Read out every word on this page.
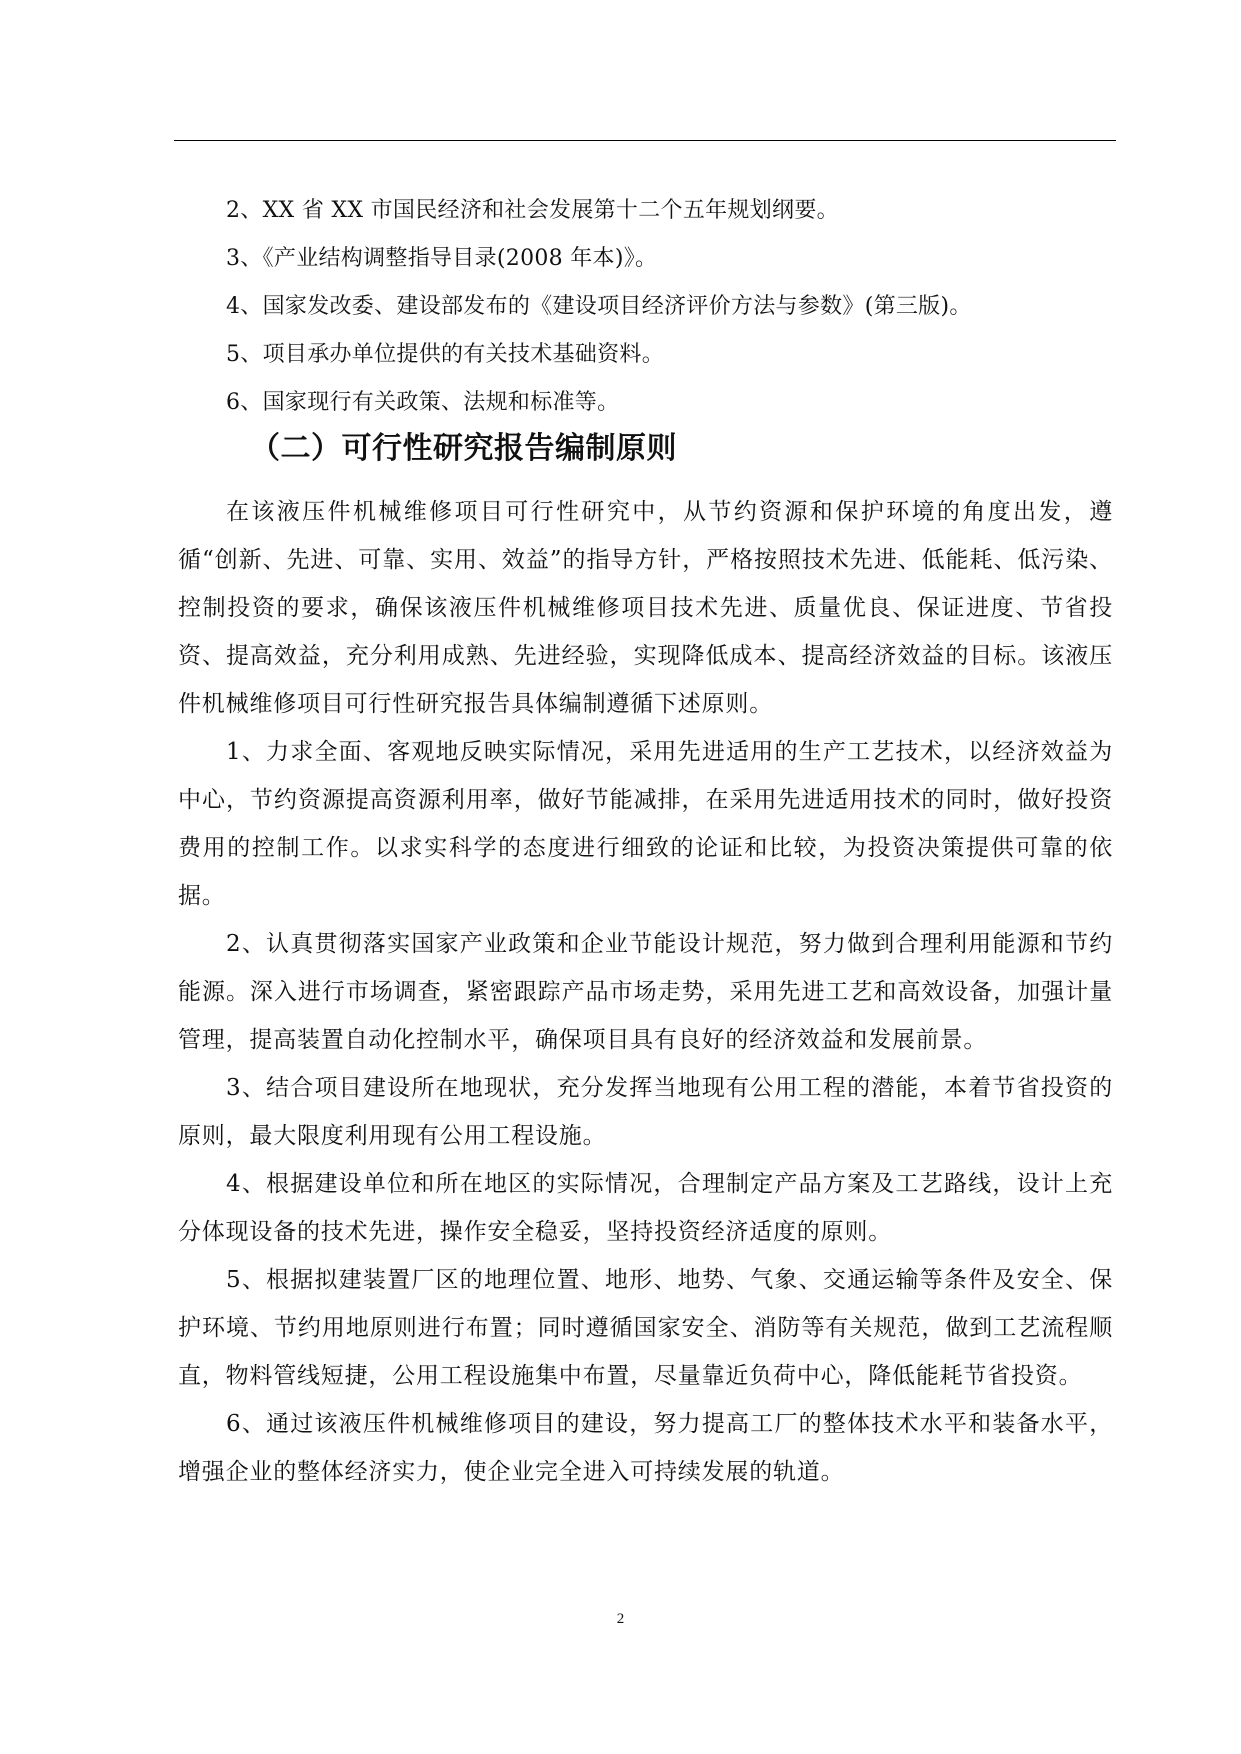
2、XX 省 XX 市国民经济和社会发展第十二个五年规划纲要。
3、《产业结构调整指导目录(2008 年本)》。
4、国家发改委、建设部发布的《建设项目经济评价方法与参数》(第三版)。
5、项目承办单位提供的有关技术基础资料。
6、国家现行有关政策、法规和标准等。
（二）可行性研究报告编制原则

在该液压件机械维修项目可行性研究中，从节约资源和保护环境的角度出发，遵循“创新、先进、可靠、实用、效益”的指导方针，严格按照技术先进、低能耗、低污染、控制投资的要求，确保该液压件机械维修项目技术先进、质量优良、保证进度、节省投资、提高效益，充分利用成熟、先进经验，实现降低成本、提高经济效益的目标。该液压件机械维修项目可行性研究报告具体编制遵循下述原则。

1、力求全面、客观地反映实际情况，采用先进适用的生产工艺技术，以经济效益为中心，节约资源提高资源利用率，做好节能减排，在采用先进适用技术的同时，做好投资费用的控制工作。以求实科学的态度进行细致的论证和比较，为投资决策提供可靠的依据。

2、认真贯彻落实国家产业政策和企业节能设计规范，努力做到合理利用能源和节约能源。深入进行市场调查，紧密跟踪产品市场走势，采用先进工艺和高效设备，加强计量管理，提高装置自动化控制水平，确保项目具有良好的经济效益和发展前景。

3、结合项目建设所在地现状，充分发挥当地现有公用工程的潜能，本着节省投资的原则，最大限度利用现有公用工程设施。

4、根据建设单位和所在地区的实际情况，合理制定产品方案及工艺路线，设计上充分体现设备的技术先进，操作安全稳妥，坚持投资经济适度的原则。

5、根据拟建装置厂区的地理位置、地形、地势、气象、交通运输等条件及安全、保护环境、节约用地原则进行布置；同时遵循国家安全、消防等有关规范，做到工艺流程顺直，物料管线短捷，公用工程设施集中布置，尽量靠近负荷中心，降低能耗节省投资。

6、通过该液压件机械维修项目的建设，努力提高工厂的整体技术水平和装备水平，增强企业的整体经济实力，使企业完全进入可持续发展的轨道。

2
